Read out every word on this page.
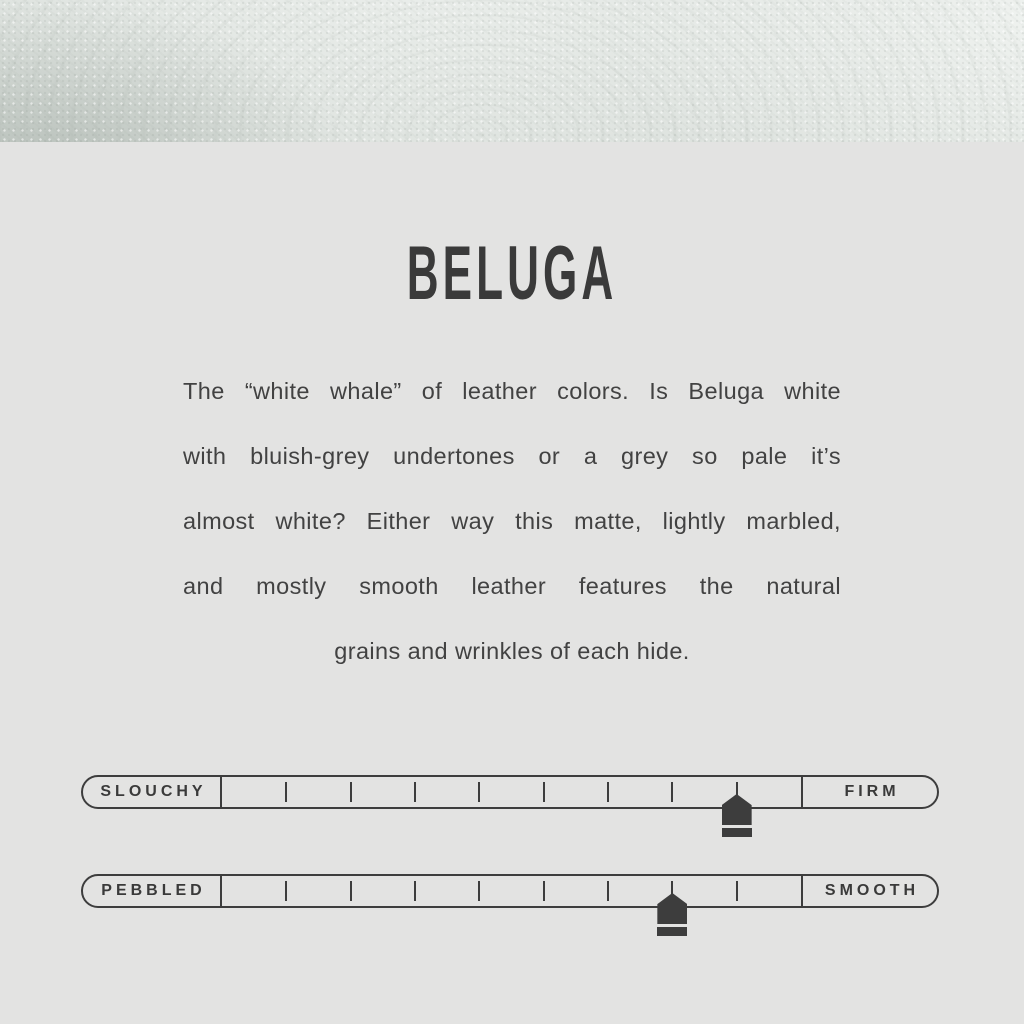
BELUGA
The “white whale” of leather colors. Is Beluga white
with bluish-grey undertones or a grey so pale it’s
almost white? Either way this matte, lightly marbled,
and mostly smooth leather features the natural
grains and wrinkles of each hide.
SLOUCHY	FIRM
PEBBLED	SMOOTH
